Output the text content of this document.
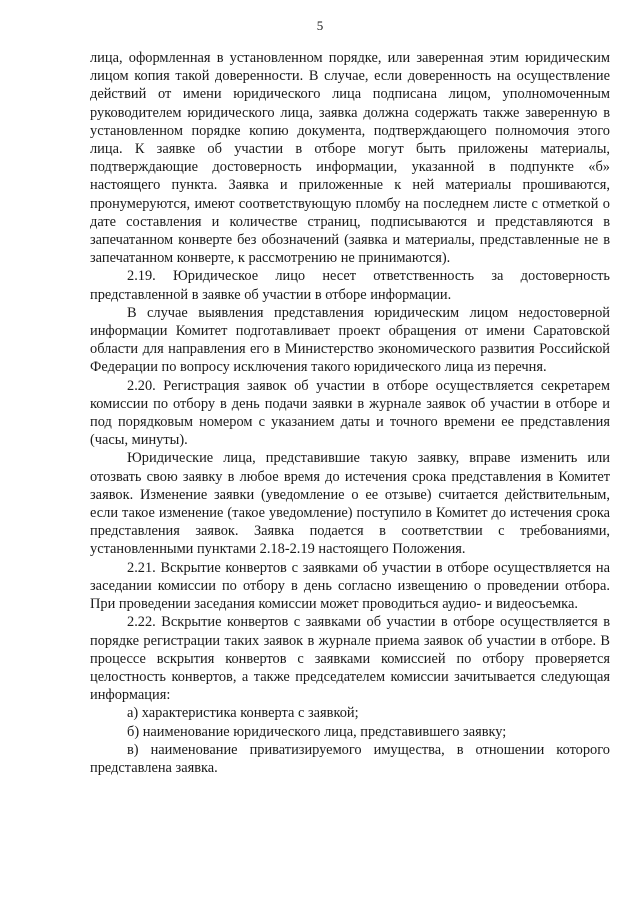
5

лица, оформленная в установленном порядке, или заверенная этим юридическим лицом копия такой доверенности. В случае, если доверенность на осуществление действий от имени юридического лица подписана лицом, уполномоченным руководителем юридического лица, заявка должна содержать также заверенную в установленном порядке копию документа, подтверждающего полномочия этого лица. К заявке об участии в отборе могут быть приложены материалы, подтверждающие достоверность информации, указанной в подпункте «б» настоящего пункта. Заявка и приложенные к ней материалы прошиваются, пронумеруются, имеют соответствующую пломбу на последнем листе с отметкой о дате составления и количестве страниц, подписываются и представляются в запечатанном конверте без обозначений (заявка и материалы, представленные не в запечатанном конверте, к рассмотрению не принимаются).

2.19. Юридическое лицо несет ответственность за достоверность представленной в заявке об участии в отборе информации.

В случае выявления представления юридическим лицом недостоверной информации Комитет подготавливает проект обращения от имени Саратовской области для направления его в Министерство экономического развития Российской Федерации по вопросу исключения такого юридического лица из перечня.

2.20. Регистрация заявок об участии в отборе осуществляется секретарем комиссии по отбору в день подачи заявки в журнале заявок об участии в отборе и под порядковым номером с указанием даты и точного времени ее представления (часы, минуты).

Юридические лица, представившие такую заявку, вправе изменить или отозвать свою заявку в любое время до истечения срока представления в Комитет заявок. Изменение заявки (уведомление о ее отзыве) считается действительным, если такое изменение (такое уведомление) поступило в Комитет до истечения срока представления заявок. Заявка подается в соответствии с требованиями, установленными пунктами 2.18-2.19 настоящего Положения.

2.21. Вскрытие конвертов с заявками об участии в отборе осуществляется на заседании комиссии по отбору в день согласно извещению о проведении отбора. При проведении заседания комиссии может проводиться аудио- и видеосъемка.

2.22. Вскрытие конвертов с заявками об участии в отборе осуществляется в порядке регистрации таких заявок в журнале приема заявок об участии в отборе. В процессе вскрытия конвертов с заявками комиссией по отбору проверяется целостность конвертов, а также председателем комиссии зачитывается следующая информация:

а) характеристика конверта с заявкой;

б) наименование юридического лица, представившего заявку;

в) наименование приватизируемого имущества, в отношении которого представлена заявка.
